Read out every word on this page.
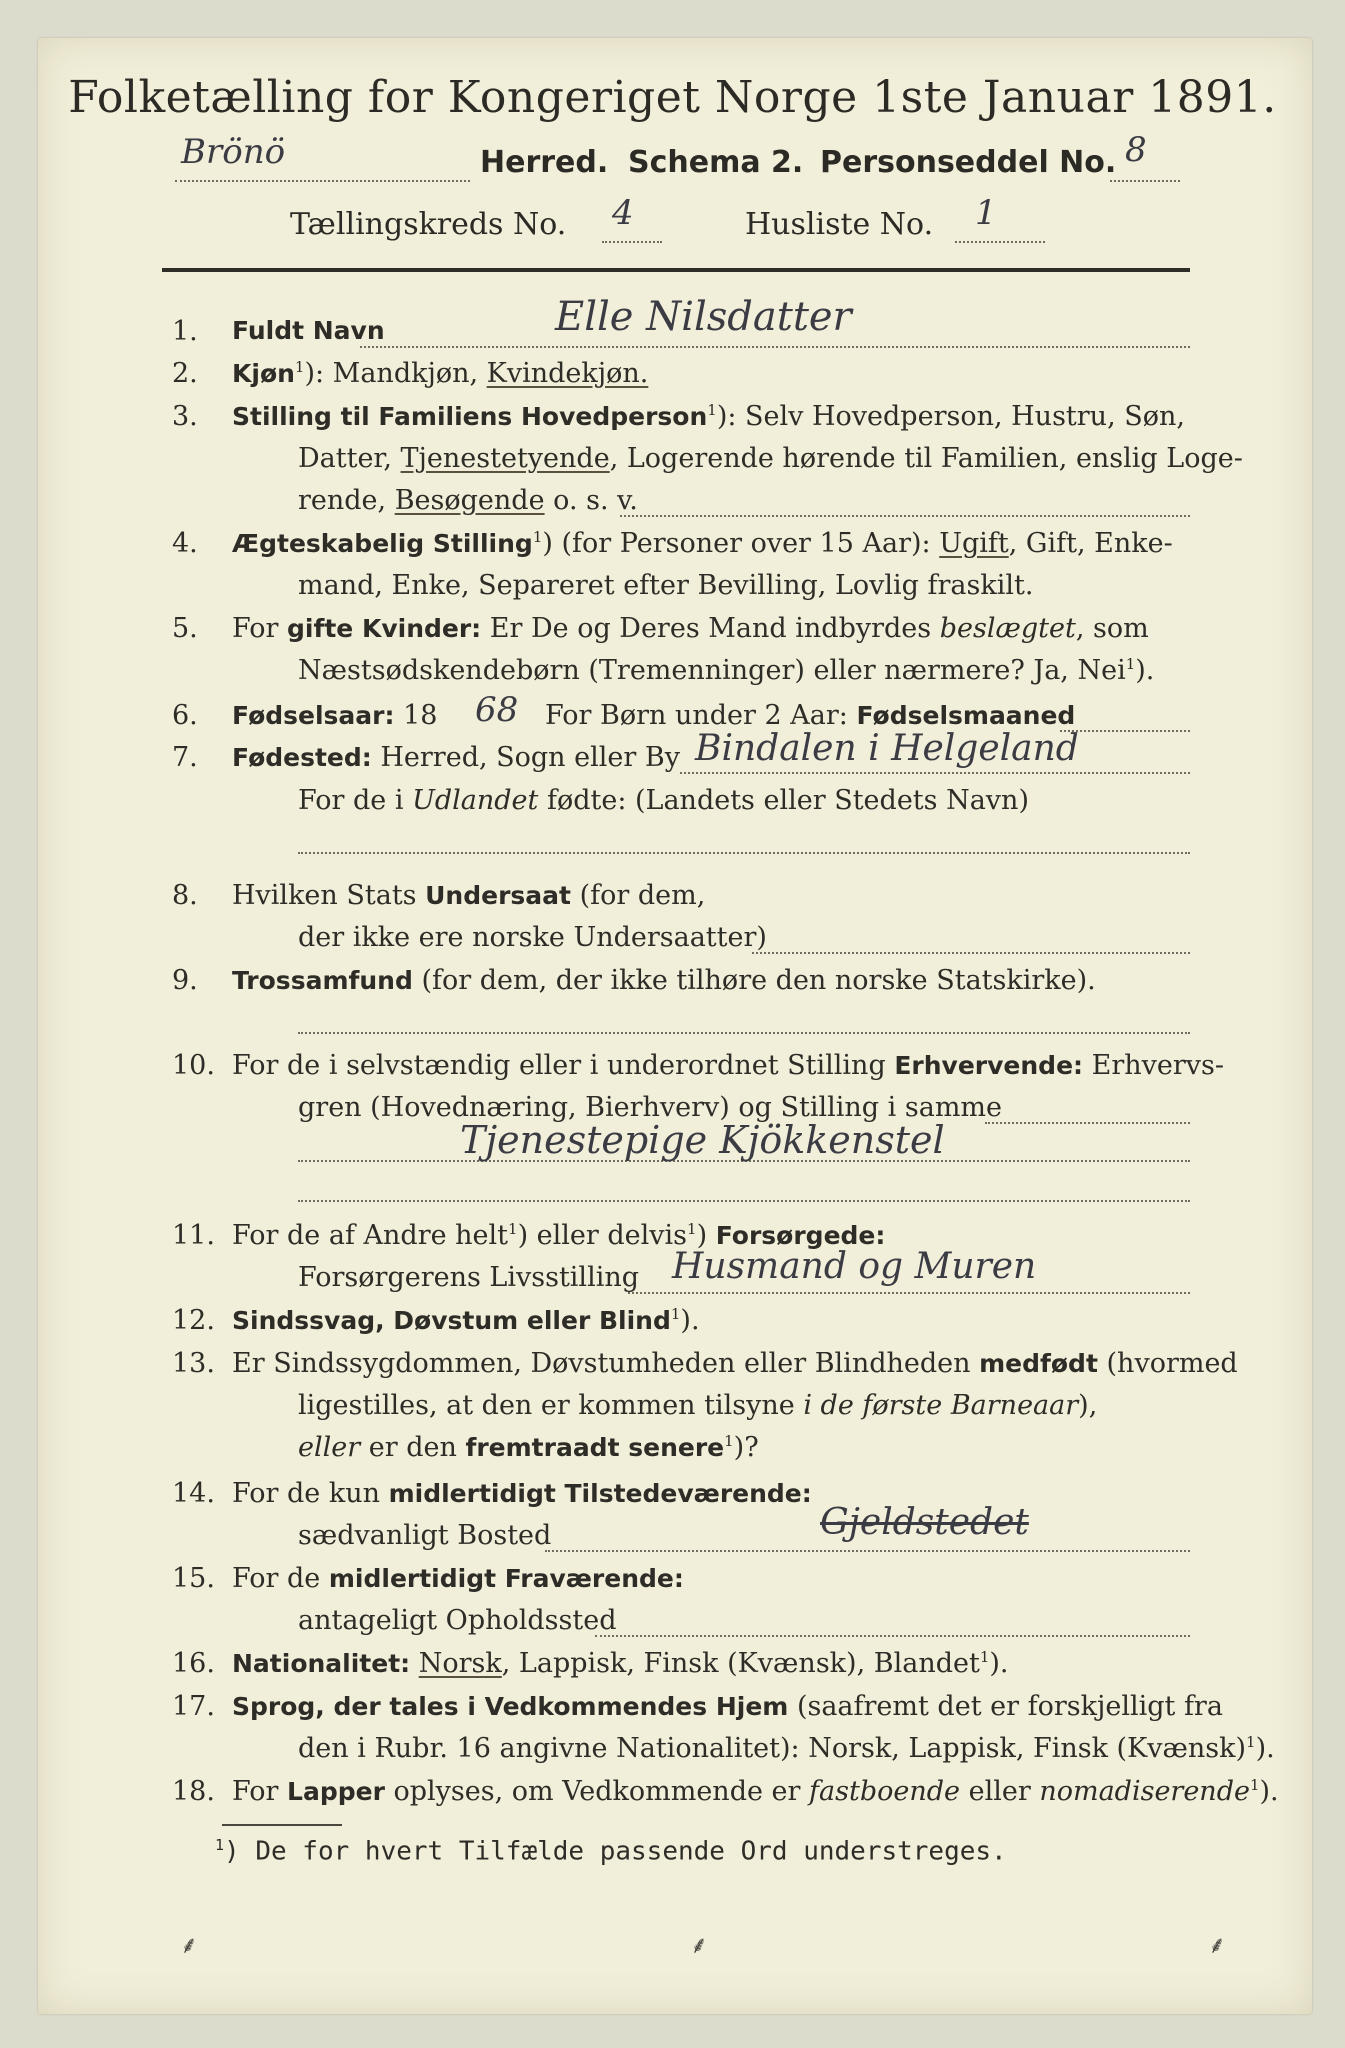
Folketælling for Kongeriget Norge 1ste Januar 1891.
Brönö	Herred. Schema 2. Personseddel No. 8
Tællingskreds No. 4	Husliste No. 1
1.	Fuldt Navn	Elle Nilsdatter
2.	Kjøn$^1$): Mandkjøn, Kvindekjøn.
3.	Stilling til Familiens Hovedperson$^1$): Selv Hovedperson, Hustru, Søn,
Datter, Tjenestetyende, Logerende hørende til Familien, enslig Loge-
rende, Besøgende o. s. v.
4.	Ægteskabelig Stilling$^1$) (for Personer over 15 Aar): Ugift, Gift, Enke-
mand, Enke, Separeret efter Bevilling, Lovlig fraskilt.
5.	For gifte Kvinder: Er De og Deres Mand indbyrdes beslægtet, som
Næstsødskendebørn (Tremenninger) eller nærmere? Ja, Nei$^1$).
6.	Fødselsaar: 18 68 For Børn under 2 Aar: Fødselsmaaned
7.	Fødested: Herred, Sogn eller By Bindalen i Helgeland
For de i Udlandet fødte: (Landets eller Stedets Navn)
8.	Hvilken Stats Undersaat (for dem,
der ikke ere norske Undersaatter)
9.	Trossamfund (for dem, der ikke tilhøre den norske Statskirke).
10. For de i selvstændig eller i underordnet Stilling Erhvervende: Erhvervs-
gren (Hovednæring, Bierhverv) og Stilling i samme
Tjenestepige Kjökkenstel
11. For de af Andre helt$^1$) eller delvis$^1$) Forsørgede:
Forsørgerens Livsstilling Husmand og Muren
12. Sindssvag, Døvstum eller Blind$^1$).
13. Er Sindssygdommen, Døvstumheden eller Blindheden medfødt (hvormed
ligestilles, at den er kommen tilsyne i de første Barneaar),
eller er den fremtraadt senere$^1$)?
14. For de kun midlertidigt Tilstedeværende:
sædvanligt Bosted	Gjeldstedet
15. For de midlertidigt Fraværende:
antageligt Opholdssted
16. Nationalitet: Norsk, Lappisk, Finsk (Kvænsk), Blandet$^1$).
17. Sprog, der tales i Vedkommendes Hjem (saafremt det er forskjelligt fra
den i Rubr. 16 angivne Nationalitet): Norsk, Lappisk, Finsk (Kvænsk)$^1$).
18. For Lapper oplyses, om Vedkommende er fastboende eller nomadiserende$^1$).
$^1$) De for hvert Tilfælde passende Ord understreges.
⸙	⸙	⸙
